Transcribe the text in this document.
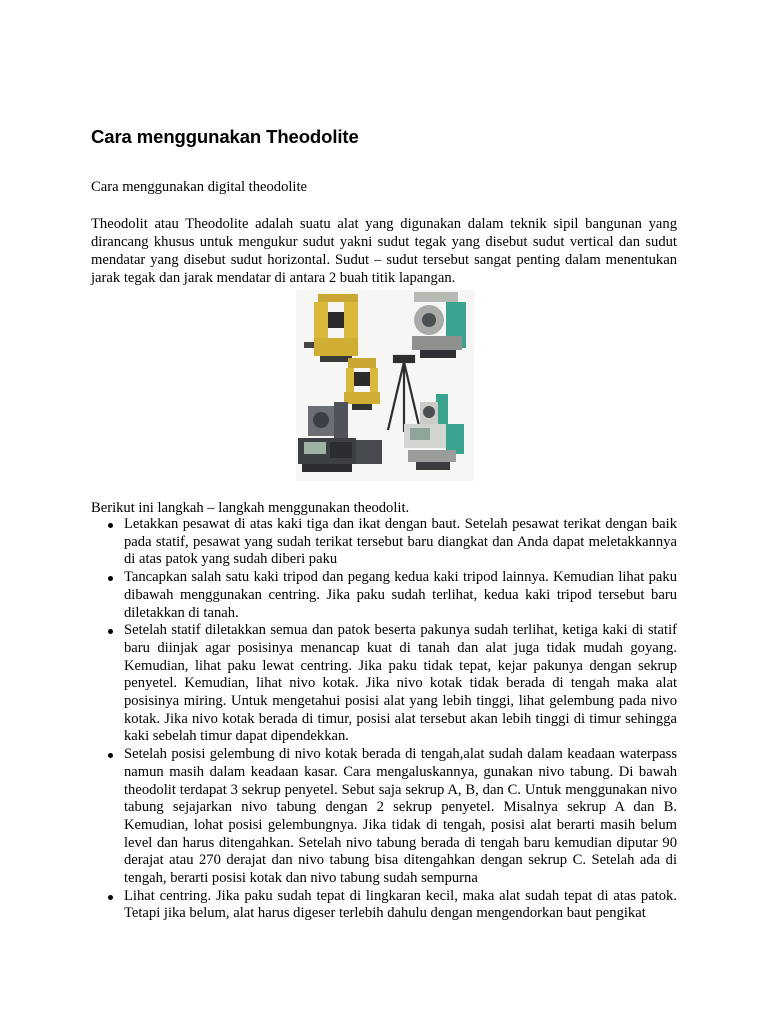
Cara menggunakan Theodolite
Cara menggunakan digital theodolite

Theodolit atau Theodolite adalah suatu alat yang digunakan dalam teknik sipil bangunan yang dirancang khusus untuk mengukur sudut yakni sudut tegak yang disebut sudut vertical dan sudut mendatar yang disebut sudut horizontal. Sudut – sudut tersebut sangat penting dalam menentukan jarak tegak dan jarak mendatar di antara 2 buah titik lapangan.

Berikut ini langkah – langkah menggunakan theodolit.
Letakkan pesawat di atas kaki tiga dan ikat dengan baut. Setelah pesawat terikat dengan baik pada statif, pesawat yang sudah terikat tersebut baru diangkat dan Anda dapat meletakkannya di atas patok yang sudah diberi paku
Tancapkan salah satu kaki tripod dan pegang kedua kaki tripod lainnya. Kemudian lihat paku dibawah menggunakan centring. Jika paku sudah terlihat, kedua kaki tripod tersebut baru diletakkan di tanah.
Setelah statif diletakkan semua dan patok beserta pakunya sudah terlihat, ketiga kaki di statif baru diinjak agar posisinya menancap kuat di tanah dan alat juga tidak mudah goyang. Kemudian, lihat paku lewat centring. Jika paku tidak tepat, kejar pakunya dengan sekrup penyetel. Kemudian, lihat nivo kotak. Jika nivo kotak tidak berada di tengah maka alat posisinya miring. Untuk mengetahui posisi alat yang lebih tinggi, lihat gelembung pada nivo kotak. Jika nivo kotak berada di timur, posisi alat tersebut akan lebih tinggi di timur sehingga kaki sebelah timur dapat dipendekkan.
Setelah posisi gelembung di nivo kotak berada di tengah,alat sudah dalam keadaan waterpass namun masih dalam keadaan kasar. Cara mengaluskannya, gunakan nivo tabung. Di bawah theodolit terdapat 3 sekrup penyetel. Sebut saja sekrup A, B, dan C. Untuk menggunakan nivo tabung sejajarkan nivo tabung dengan 2 sekrup penyetel. Misalnya sekrup A dan B. Kemudian, lohat posisi gelembungnya. Jika tidak di tengah, posisi alat berarti masih belum level dan harus ditengahkan. Setelah nivo tabung berada di tengah baru kemudian diputar 90 derajat atau 270 derajat dan nivo tabung bisa ditengahkan dengan sekrup C. Setelah ada di tengah, berarti posisi kotak dan nivo tabung sudah sempurna
Lihat centring. Jika paku sudah tepat di lingkaran kecil, maka alat sudah tepat di atas patok. Tetapi jika belum, alat harus digeser terlebih dahulu dengan mengendorkan baut pengikat
